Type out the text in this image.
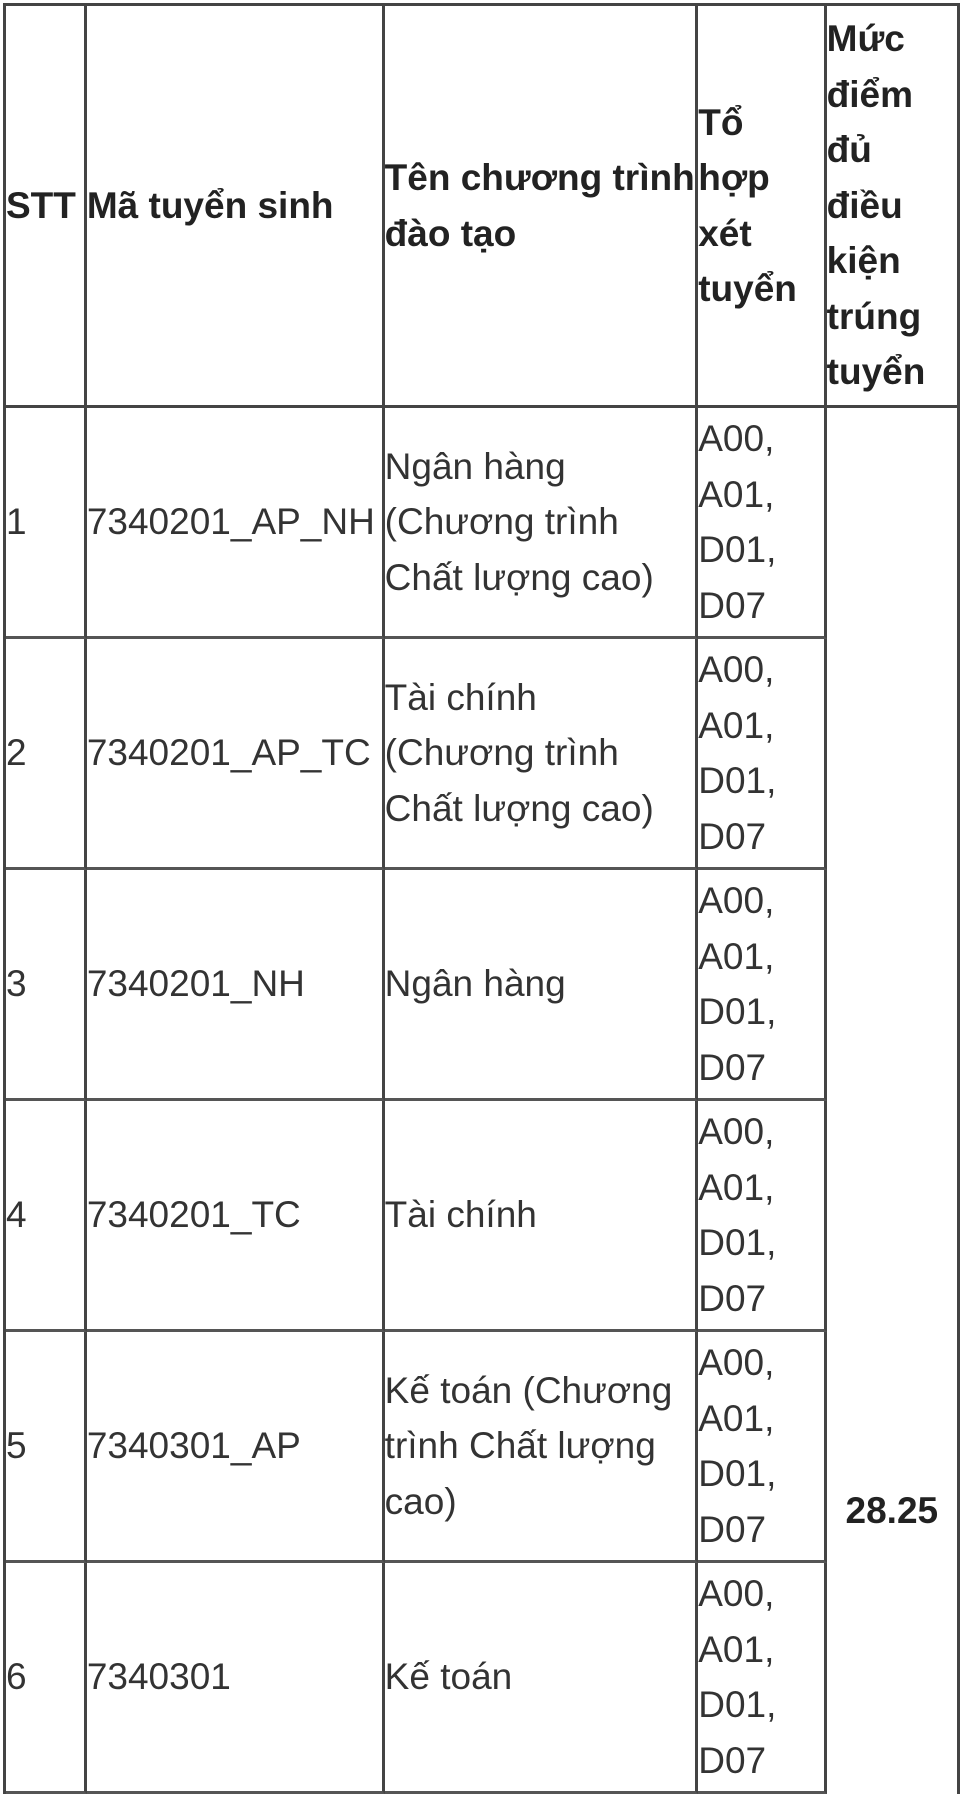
STT	Mã tuyển sinh	Tên chương trình đào tạo	Tổ hợp xét tuyển	Mức điểm đủ điều kiện trúng tuyển
1	7340201_AP_NH	Ngân hàng (Chương trình Chất lượng cao)	A00,
A01,
D01,
D07	28.25
2	7340201_AP_TC	Tài chính (Chương trình Chất lượng cao)	A00,
A01,
D01,
D07	

3	7340201_NH	Ngân hàng	A00,
A01,
D01,
D07	

4	7340201_TC	Tài chính	A00,
A01,
D01,
D07	

5	7340301_AP	Kế toán (Chương trình Chất lượng cao)	A00,
A01,
D01,
D07	

6	7340301	Kế toán	A00,
A01,
D01,
D07	
